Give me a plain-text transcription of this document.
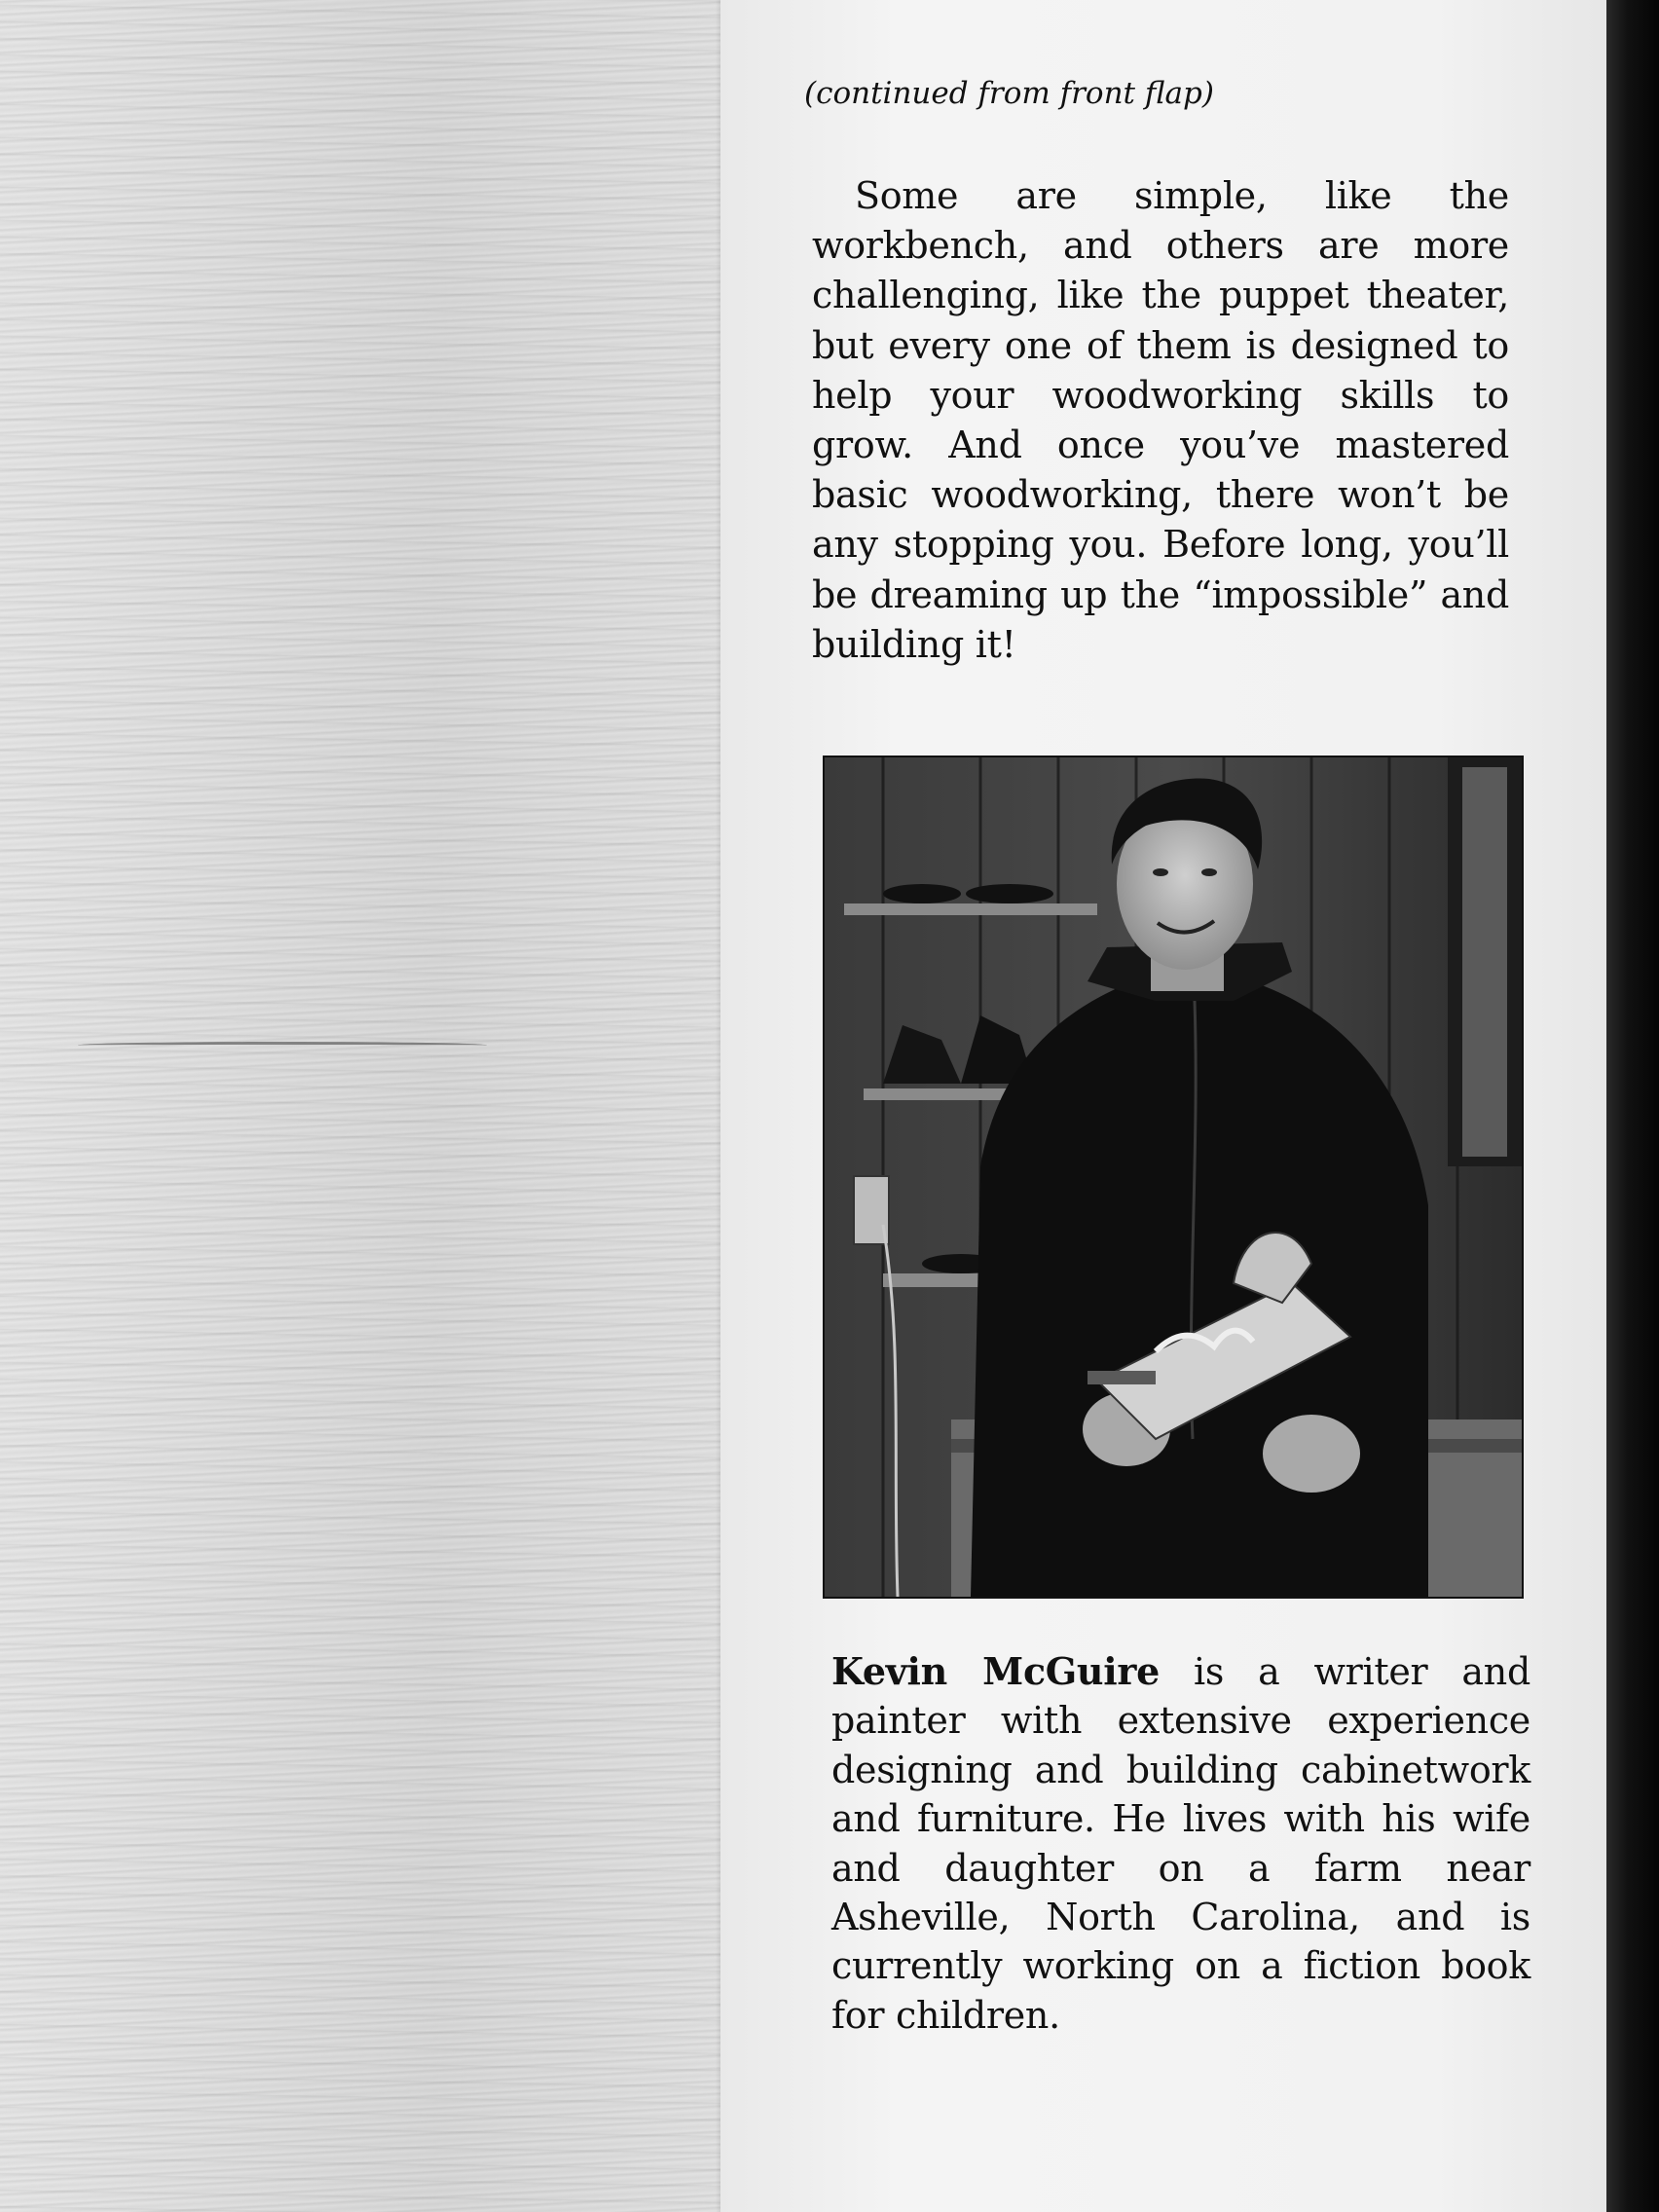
(continued from front flap)

Some are simple, like the workbench, and others are more challenging, like the puppet theater, but every one of them is designed to help your woodworking skills to grow. And once you’ve mastered basic woodworking, there won’t be any stopping you. Before long, you’ll be dreaming up the “impossible” and building it!

Kevin McGuire is a writer and painter with extensive experience designing and building cabinetwork and furniture. He lives with his wife and daughter on a farm near Asheville, North Carolina, and is currently working on a fiction book for children.
